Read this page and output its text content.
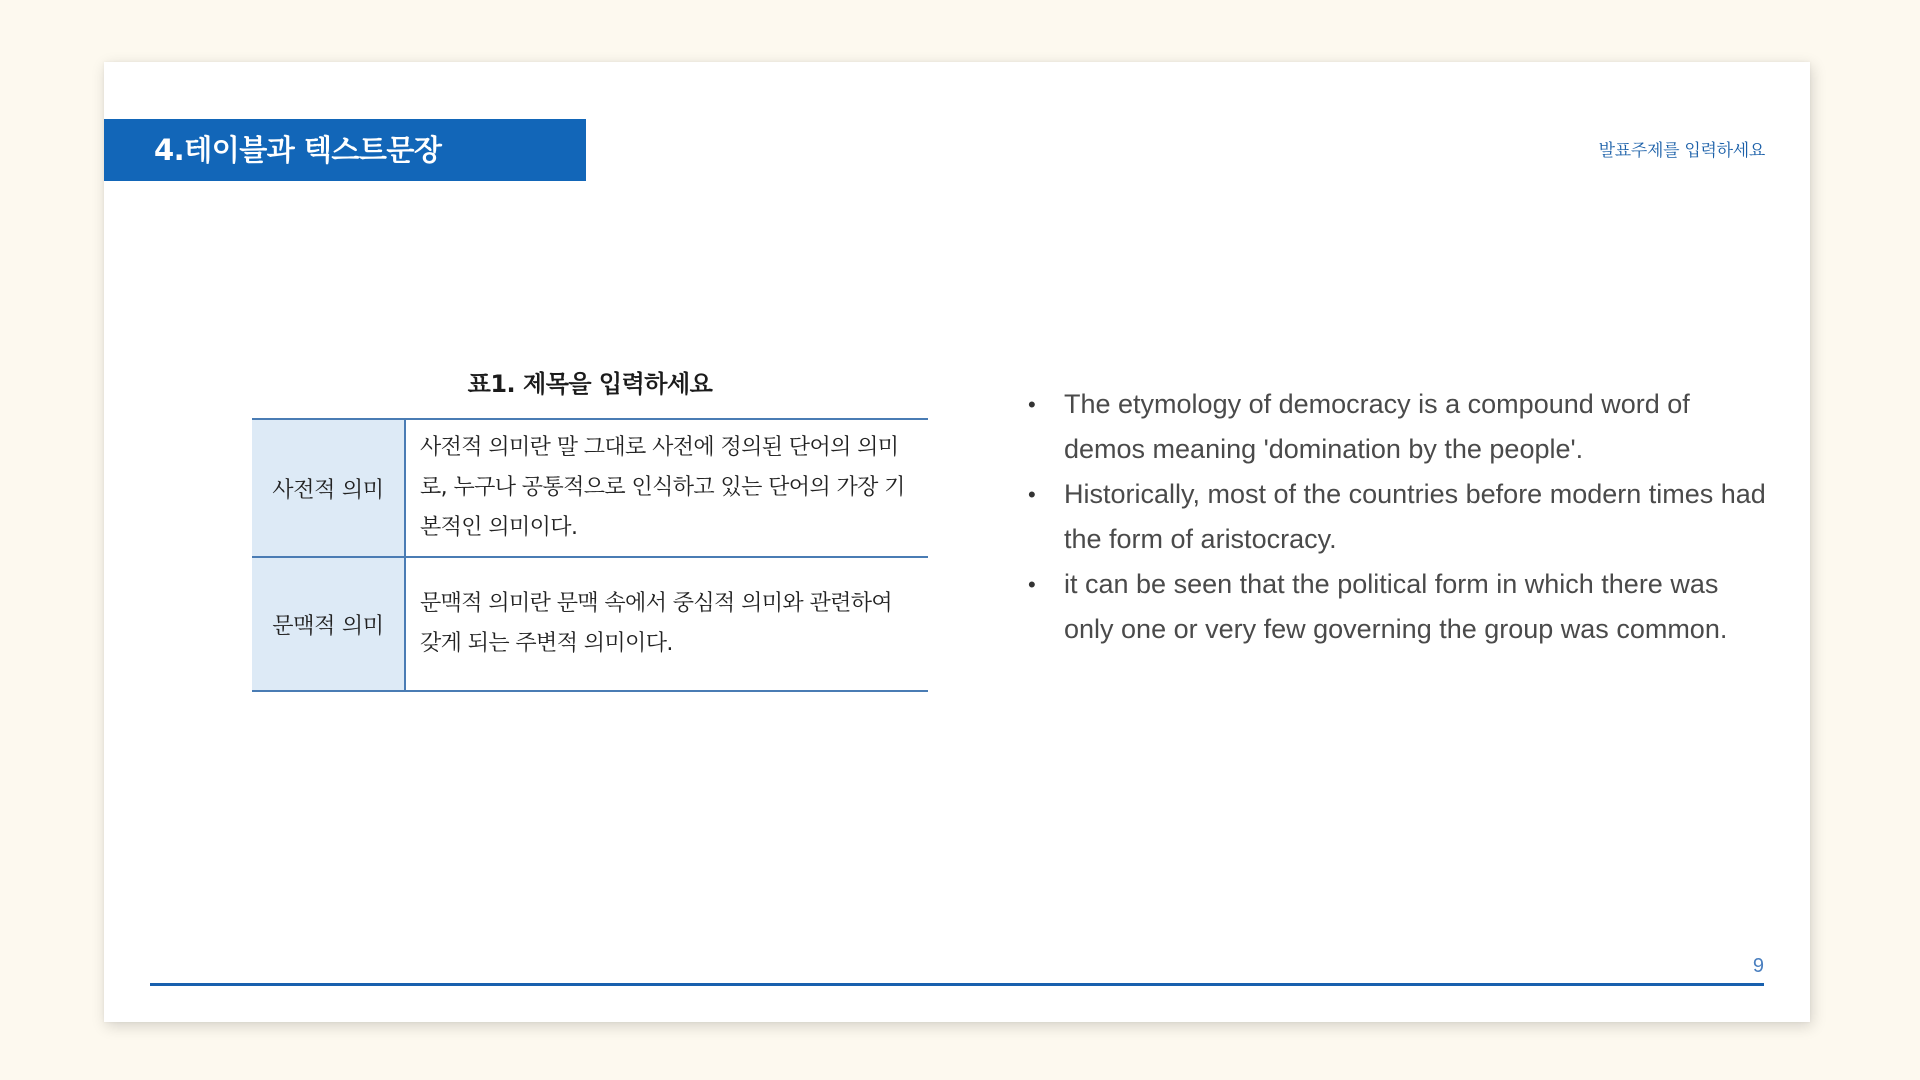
4.테이블과 텍스트문장	발표주제를 입력하세요
표1. 제목을 입력하세요
사전적 의미	사전적 의미란 말 그대로 사전에 정의된 단어의 의미로, 누구나 공통적으로 인식하고 있는 단어의 가장 기본적인 의미이다.
문맥적 의미	문맥적 의미란 문맥 속에서 중심적 의미와 관련하여 갖게 되는 주변적 의미이다.
• The etymology of democracy is a compound word of demos meaning 'domination by the people'.
• Historically, most of the countries before modern times had the form of aristocracy.
• it can be seen that the political form in which there was only one or very few governing the group was common.
9
